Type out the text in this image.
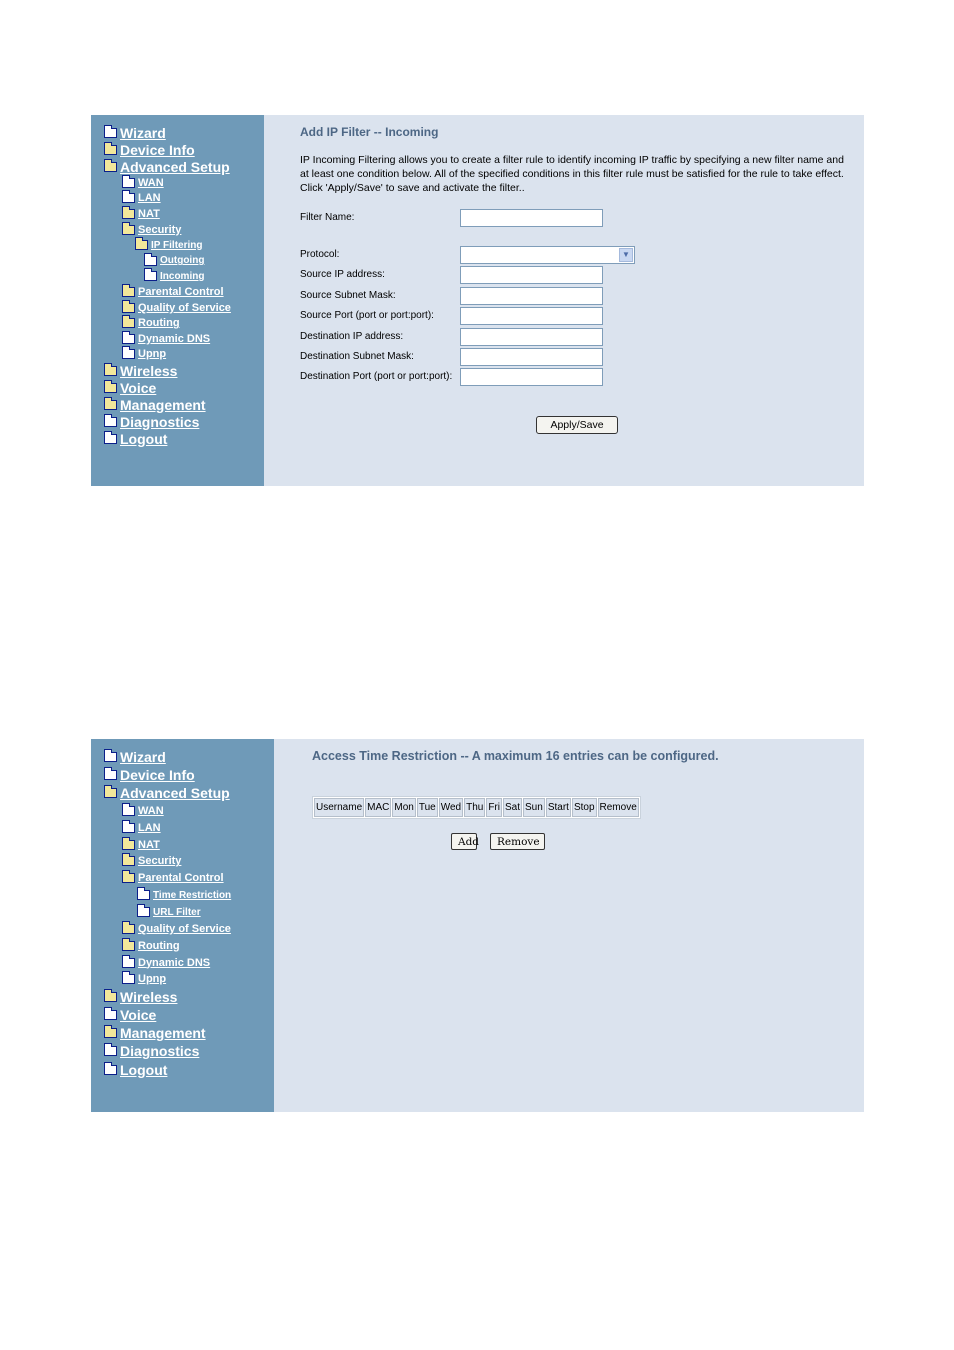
Wizard
Device Info
Advanced Setup
WAN
LAN
NAT
Security
IP Filtering
Outgoing
Incoming
Parental Control
Quality of Service
Routing
Dynamic DNS
Upnp
Wireless
Voice
Management
Diagnostics
Logout
Add IP Filter -- Incoming

IP Incoming Filtering allows you to create a filter rule to identify incoming IP traffic by specifying a new filter name and at least one condition below. All of the specified conditions in this filter rule must be satisfied for the rule to take effect. Click 'Apply/Save' to save and activate the filter..

Filter Name:
Protocol:	▼
Source IP address:
Source Subnet Mask:
Source Port (port or port:port):
Destination IP address:
Destination Subnet Mask:
Destination Port (port or port:port):
Apply/Save
Wizard
Device Info
Advanced Setup
WAN
LAN
NAT
Security
Parental Control
Time Restriction
URL Filter
Quality of Service
Routing
Dynamic DNS
Upnp
Wireless
Voice
Management
Diagnostics
Logout
Access Time Restriction -- A maximum 16 entries can be configured.
Username	MAC	Mon	Tue	Wed	Thu	Fri	Sat	Sun	Start	Stop	Remove
Add	Remove
